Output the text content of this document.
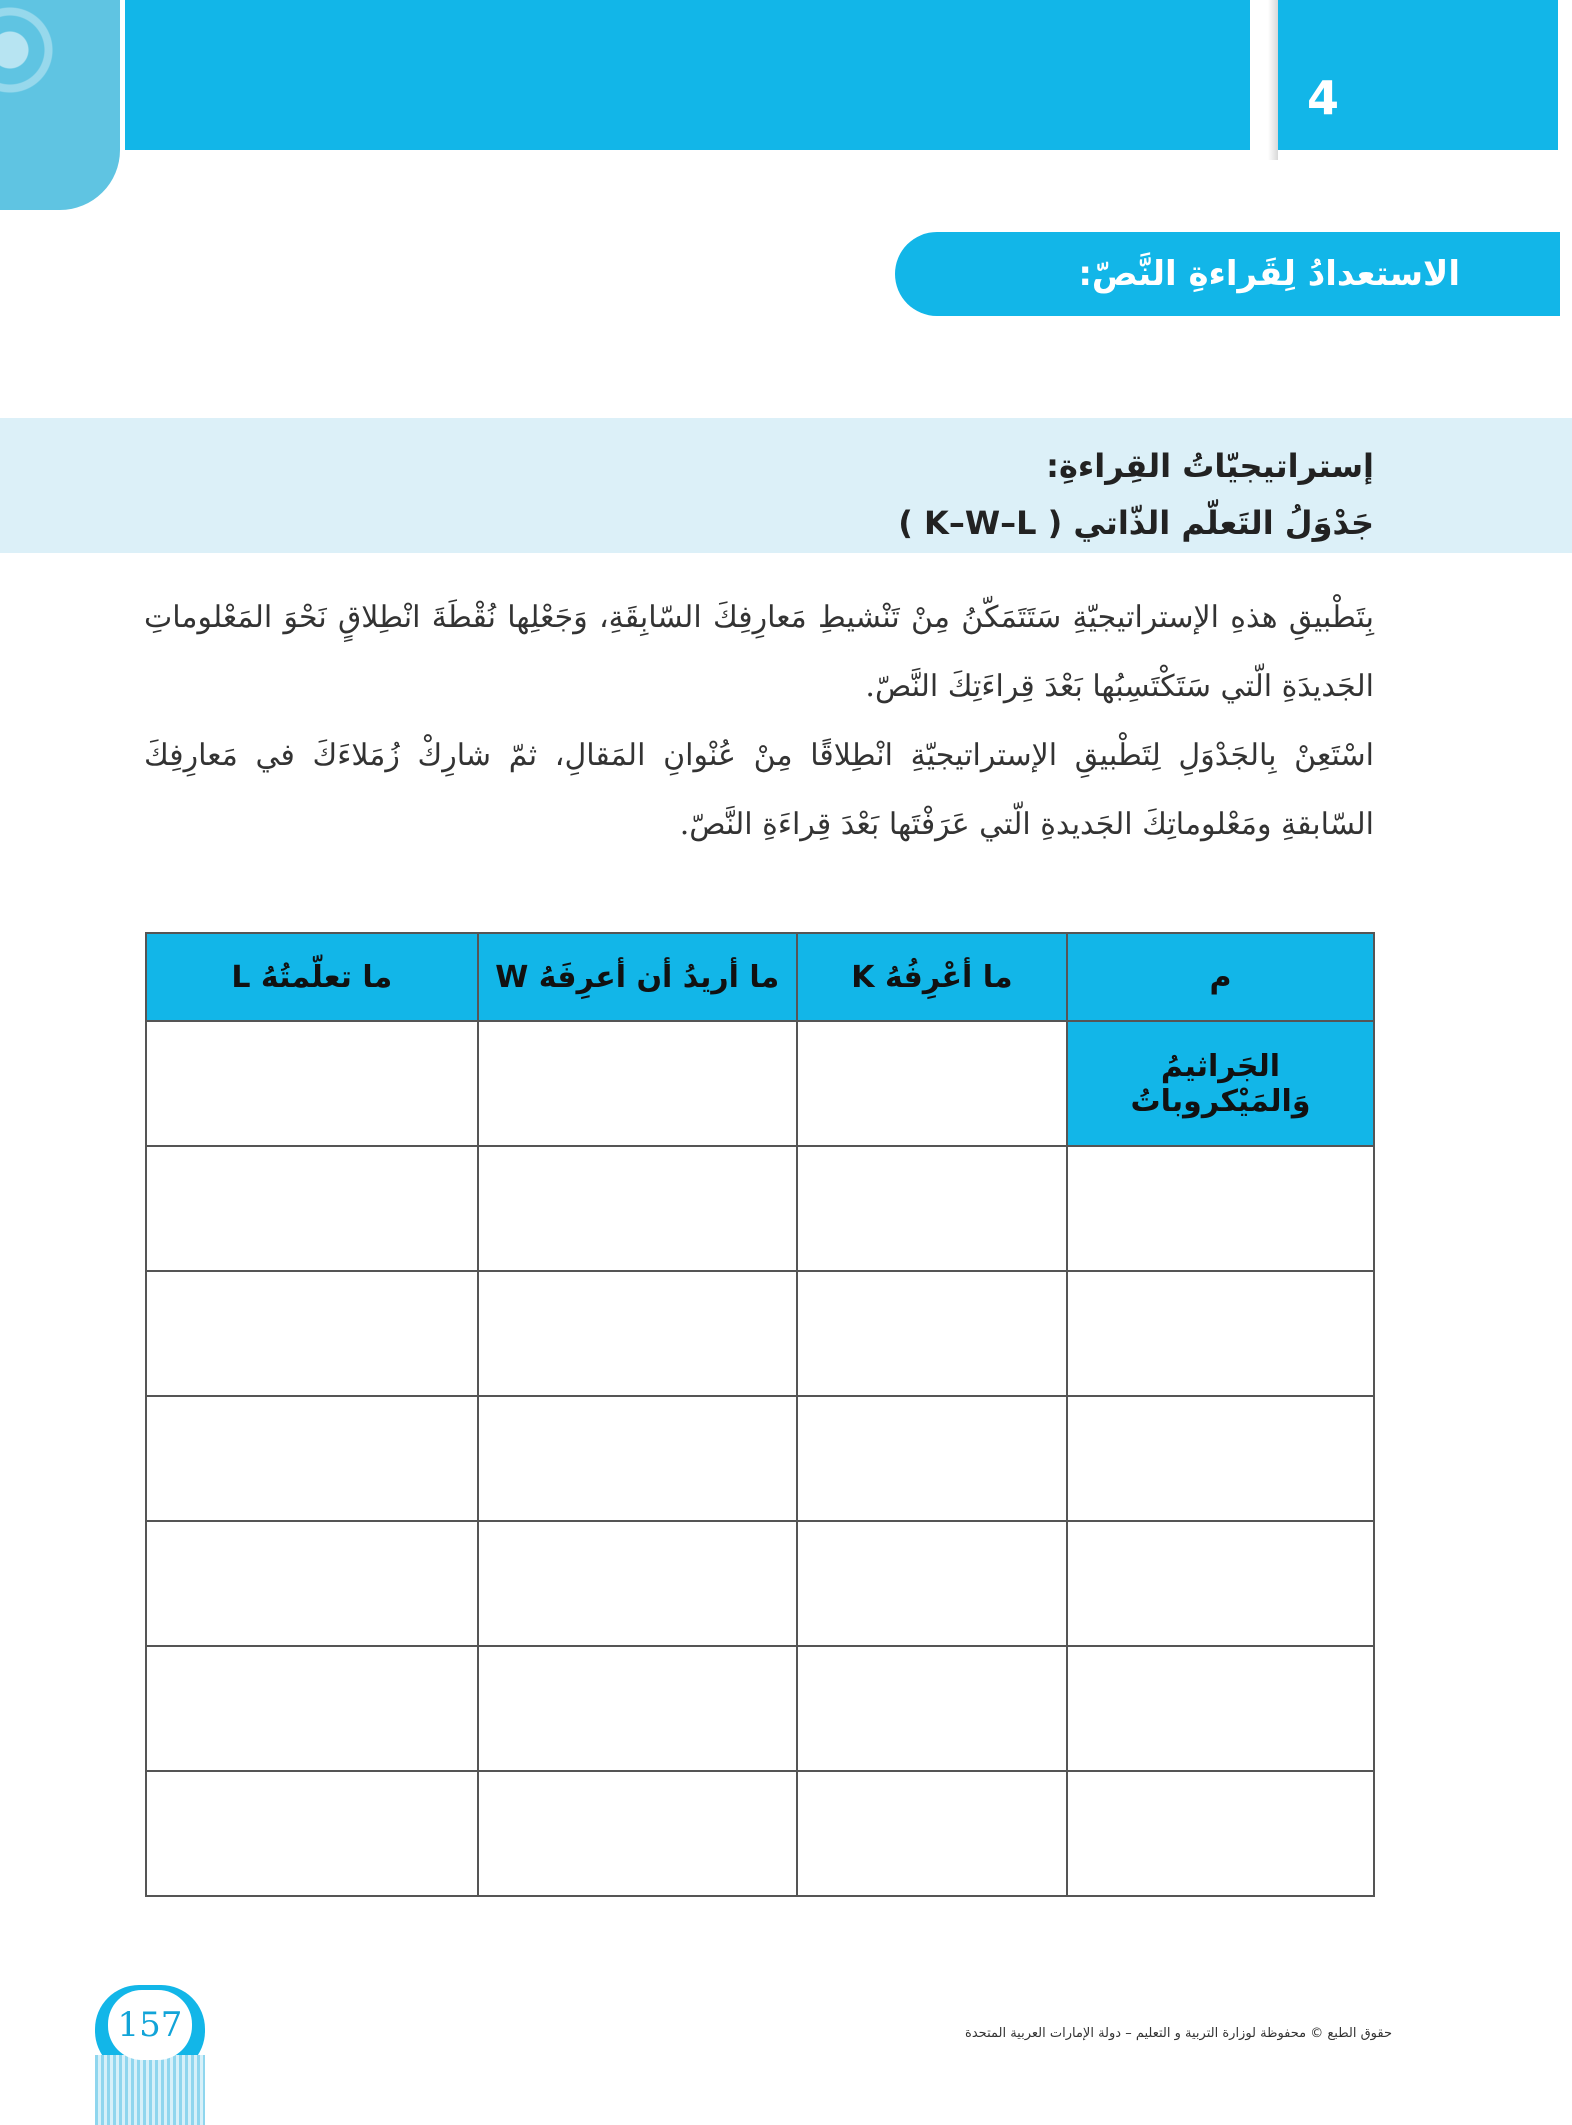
4
الاستعدادُ لِقَراءةِ النَّصّ:
إستراتيجيّاتُ القِراءةِ:
جَدْوَلُ التَعلّم الذّاتي ( K–W–L )
بِتَطْبيقِ هذهِ الإستراتيجيّةِ سَتَتَمَكّنُ مِنْ تَنْشيطِ مَعارِفِكَ السّابِقَةِ، وَجَعْلِها نُقْطَةَ انْطِلاقٍ نَحْوَ المَعْلوماتِ الجَديدَةِ الّتي سَتَكْتَسِبُها بَعْدَ قِراءَتِكَ النَّصّ.
اسْتَعِنْ بِالجَدْوَلِ لِتَطْبيقِ الإستراتيجيّةِ انْطِلاقًا مِنْ عُنْوانِ المَقالِ، ثمّ شارِكْ زُمَلاءَكَ في مَعارِفِكَ السّابقةِ ومَعْلوماتِكَ الجَديدةِ الّتي عَرَفْتَها بَعْدَ قِراءَةِ النَّصّ.
م	ما أعْرِفُهُ K	ما أريدُ أن أعرِفَهُ W	ما تعلّمتُهُ L
الجَراثيمُ وَالمَيْكروباتُ			

157	حقوق الطبع © محفوظة لوزارة التربية و التعليم – دولة الإمارات العربية المتحدة
